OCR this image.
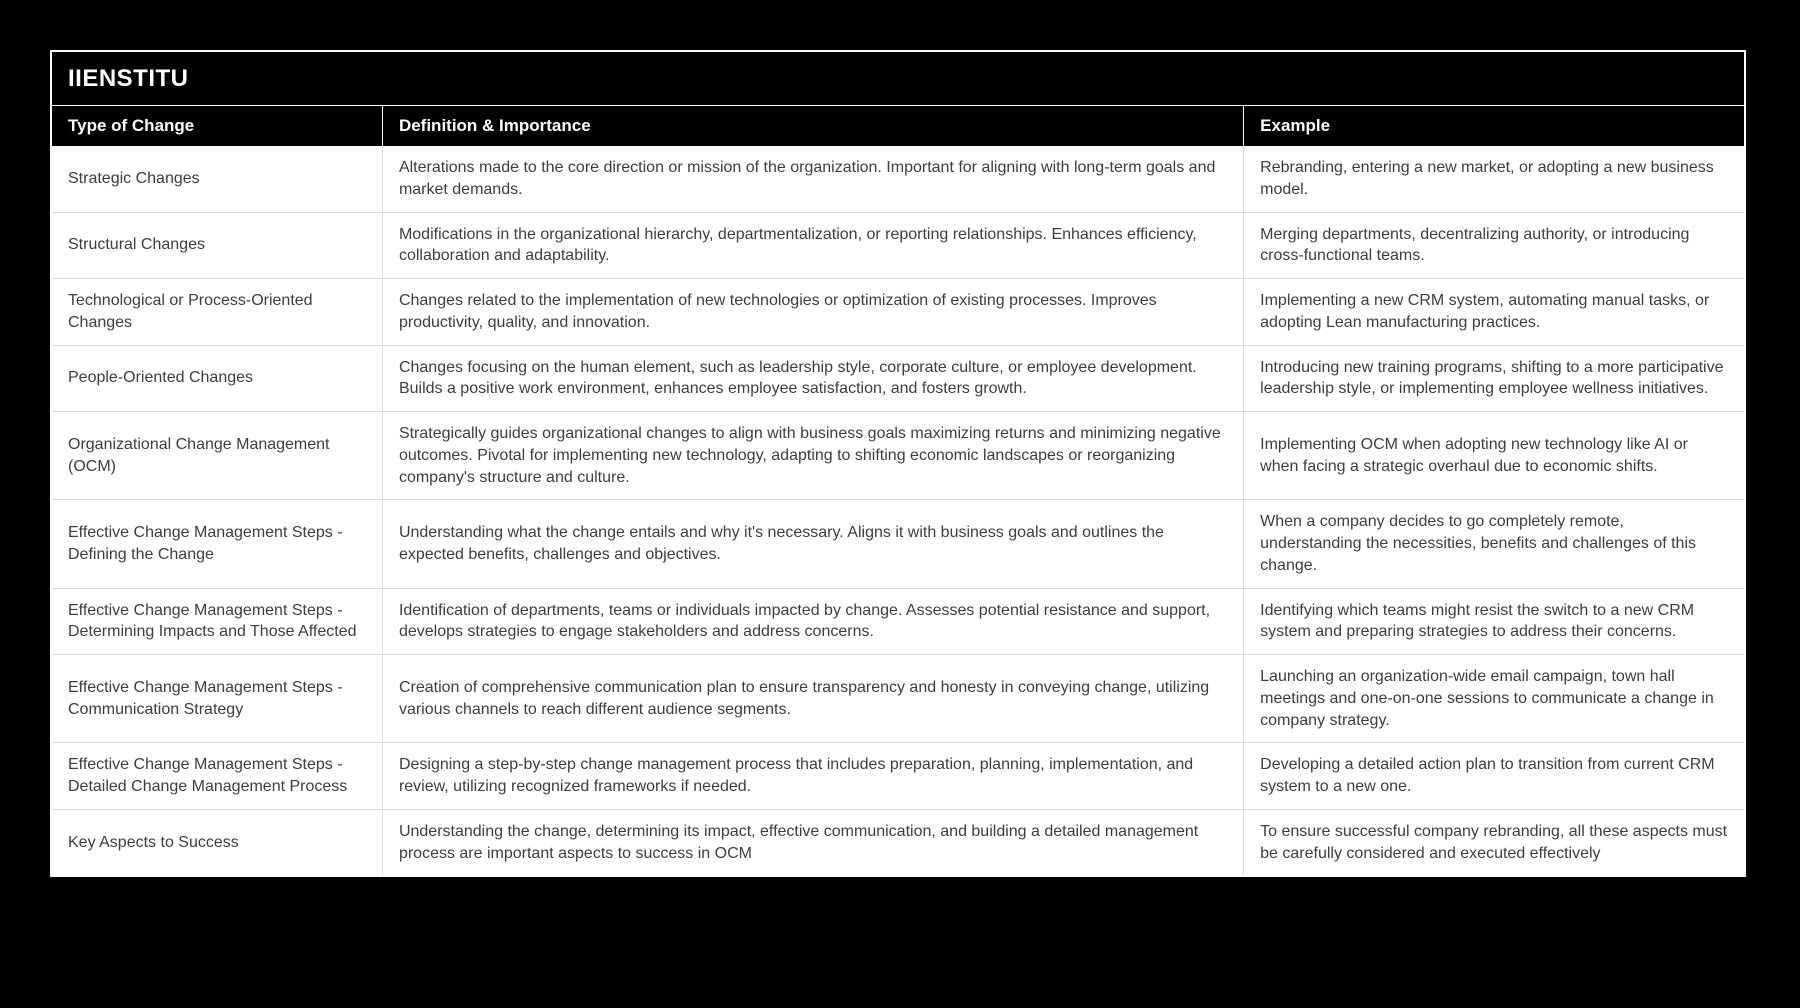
IIENSTITU
Type of Change	Definition & Importance	Example
Strategic Changes	Alterations made to the core direction or mission of the organization. Important for aligning with long-term goals and market demands.	Rebranding, entering a new market, or adopting a new business model.
Structural Changes	Modifications in the organizational hierarchy, departmentalization, or reporting relationships. Enhances efficiency, collaboration and adaptability.	Merging departments, decentralizing authority, or introducing cross-functional teams.
Technological or Process-Oriented Changes	Changes related to the implementation of new technologies or optimization of existing processes. Improves productivity, quality, and innovation.	Implementing a new CRM system, automating manual tasks, or adopting Lean manufacturing practices.
People-Oriented Changes	Changes focusing on the human element, such as leadership style, corporate culture, or employee development. Builds a positive work environment, enhances employee satisfaction, and fosters growth.	Introducing new training programs, shifting to a more participative leadership style, or implementing employee wellness initiatives.
Organizational Change Management (OCM)	Strategically guides organizational changes to align with business goals maximizing returns and minimizing negative outcomes. Pivotal for implementing new technology, adapting to shifting economic landscapes or reorganizing company's structure and culture.	Implementing OCM when adopting new technology like AI or when facing a strategic overhaul due to economic shifts.
Effective Change Management Steps - Defining the Change	Understanding what the change entails and why it's necessary. Aligns it with business goals and outlines the expected benefits, challenges and objectives.	When a company decides to go completely remote, understanding the necessities, benefits and challenges of this change.
Effective Change Management Steps - Determining Impacts and Those Affected	Identification of departments, teams or individuals impacted by change. Assesses potential resistance and support, develops strategies to engage stakeholders and address concerns.	Identifying which teams might resist the switch to a new CRM system and preparing strategies to address their concerns.
Effective Change Management Steps - Communication Strategy	Creation of comprehensive communication plan to ensure transparency and honesty in conveying change, utilizing various channels to reach different audience segments.	Launching an organization-wide email campaign, town hall meetings and one-on-one sessions to communicate a change in company strategy.
Effective Change Management Steps - Detailed Change Management Process	Designing a step-by-step change management process that includes preparation, planning, implementation, and review, utilizing recognized frameworks if needed.	Developing a detailed action plan to transition from current CRM system to a new one.
Key Aspects to Success	Understanding the change, determining its impact, effective communication, and building a detailed management process are important aspects to success in OCM	To ensure successful company rebranding, all these aspects must be carefully considered and executed effectively
